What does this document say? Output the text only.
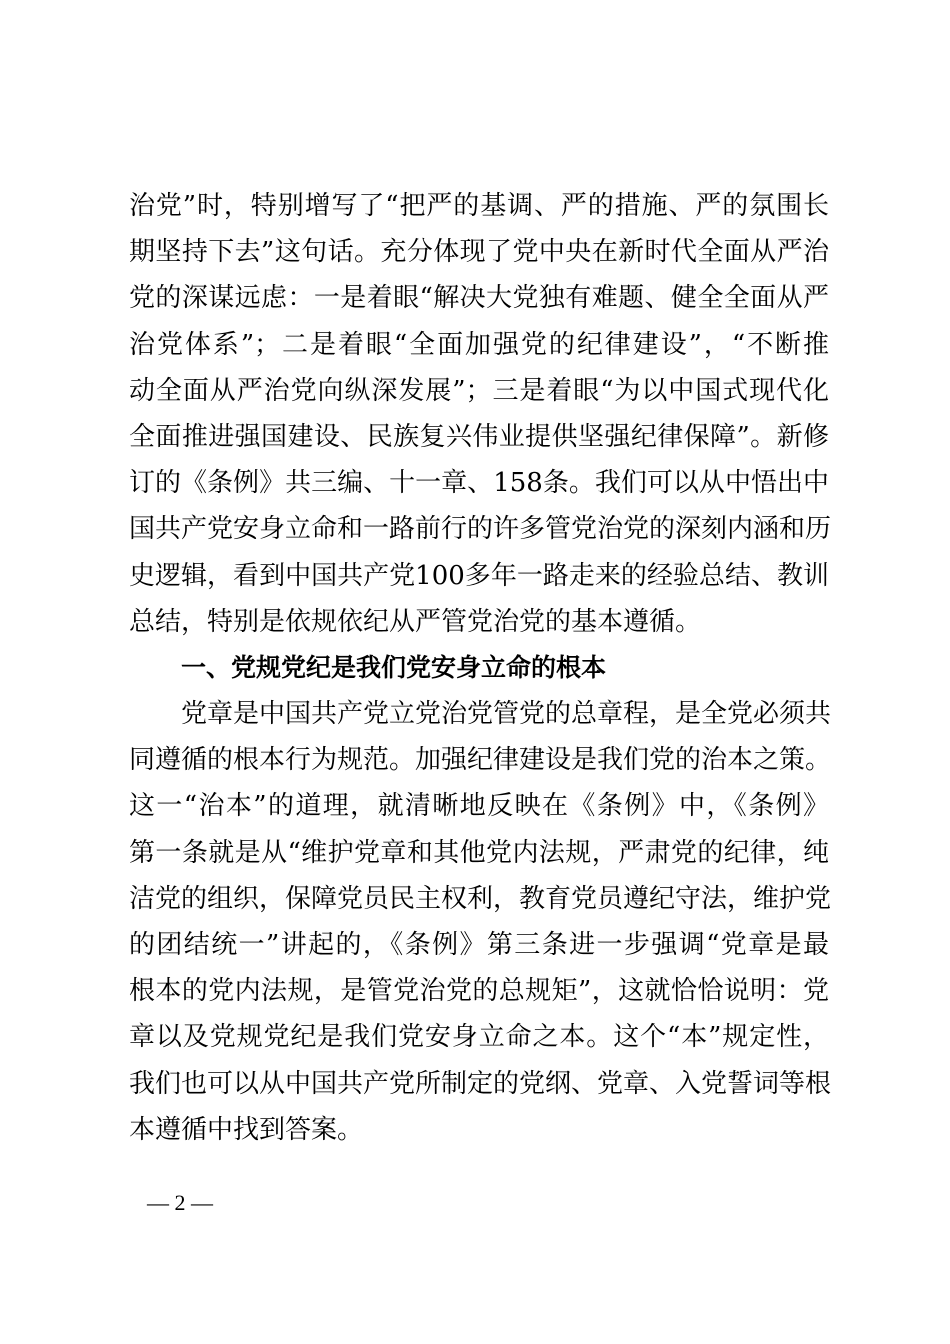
治党”时，特别增写了“把严的基调、严的措施、严的氛围长
期坚持下去”这句话。充分体现了党中央在新时代全面从严治
党的深谋远虑：一是着眼“解决大党独有难题、健全全面从严
治党体系”；二是着眼“全面加强党的纪律建设”，“不断推
动全面从严治党向纵深发展”；三是着眼“为以中国式现代化
全面推进强国建设、民族复兴伟业提供坚强纪律保障”。新修
订的《条例》共三编、十一章、158条。我们可以从中悟出中
国共产党安身立命和一路前行的许多管党治党的深刻内涵和历
史逻辑，看到中国共产党100多年一路走来的经验总结、教训
总结，特别是依规依纪从严管党治党的基本遵循。
一、党规党纪是我们党安身立命的根本
党章是中国共产党立党治党管党的总章程，是全党必须共
同遵循的根本行为规范。加强纪律建设是我们党的治本之策。
这一“治本”的道理，就清晰地反映在《条例》中，《条例》
第一条就是从“维护党章和其他党内法规，严肃党的纪律，纯
洁党的组织，保障党员民主权利，教育党员遵纪守法，维护党
的团结统一”讲起的，《条例》第三条进一步强调“党章是最
根本的党内法规，是管党治党的总规矩”，这就恰恰说明：党
章以及党规党纪是我们党安身立命之本。这个“本”规定性，
我们也可以从中国共产党所制定的党纲、党章、入党誓词等根
本遵循中找到答案。
— 2 —
